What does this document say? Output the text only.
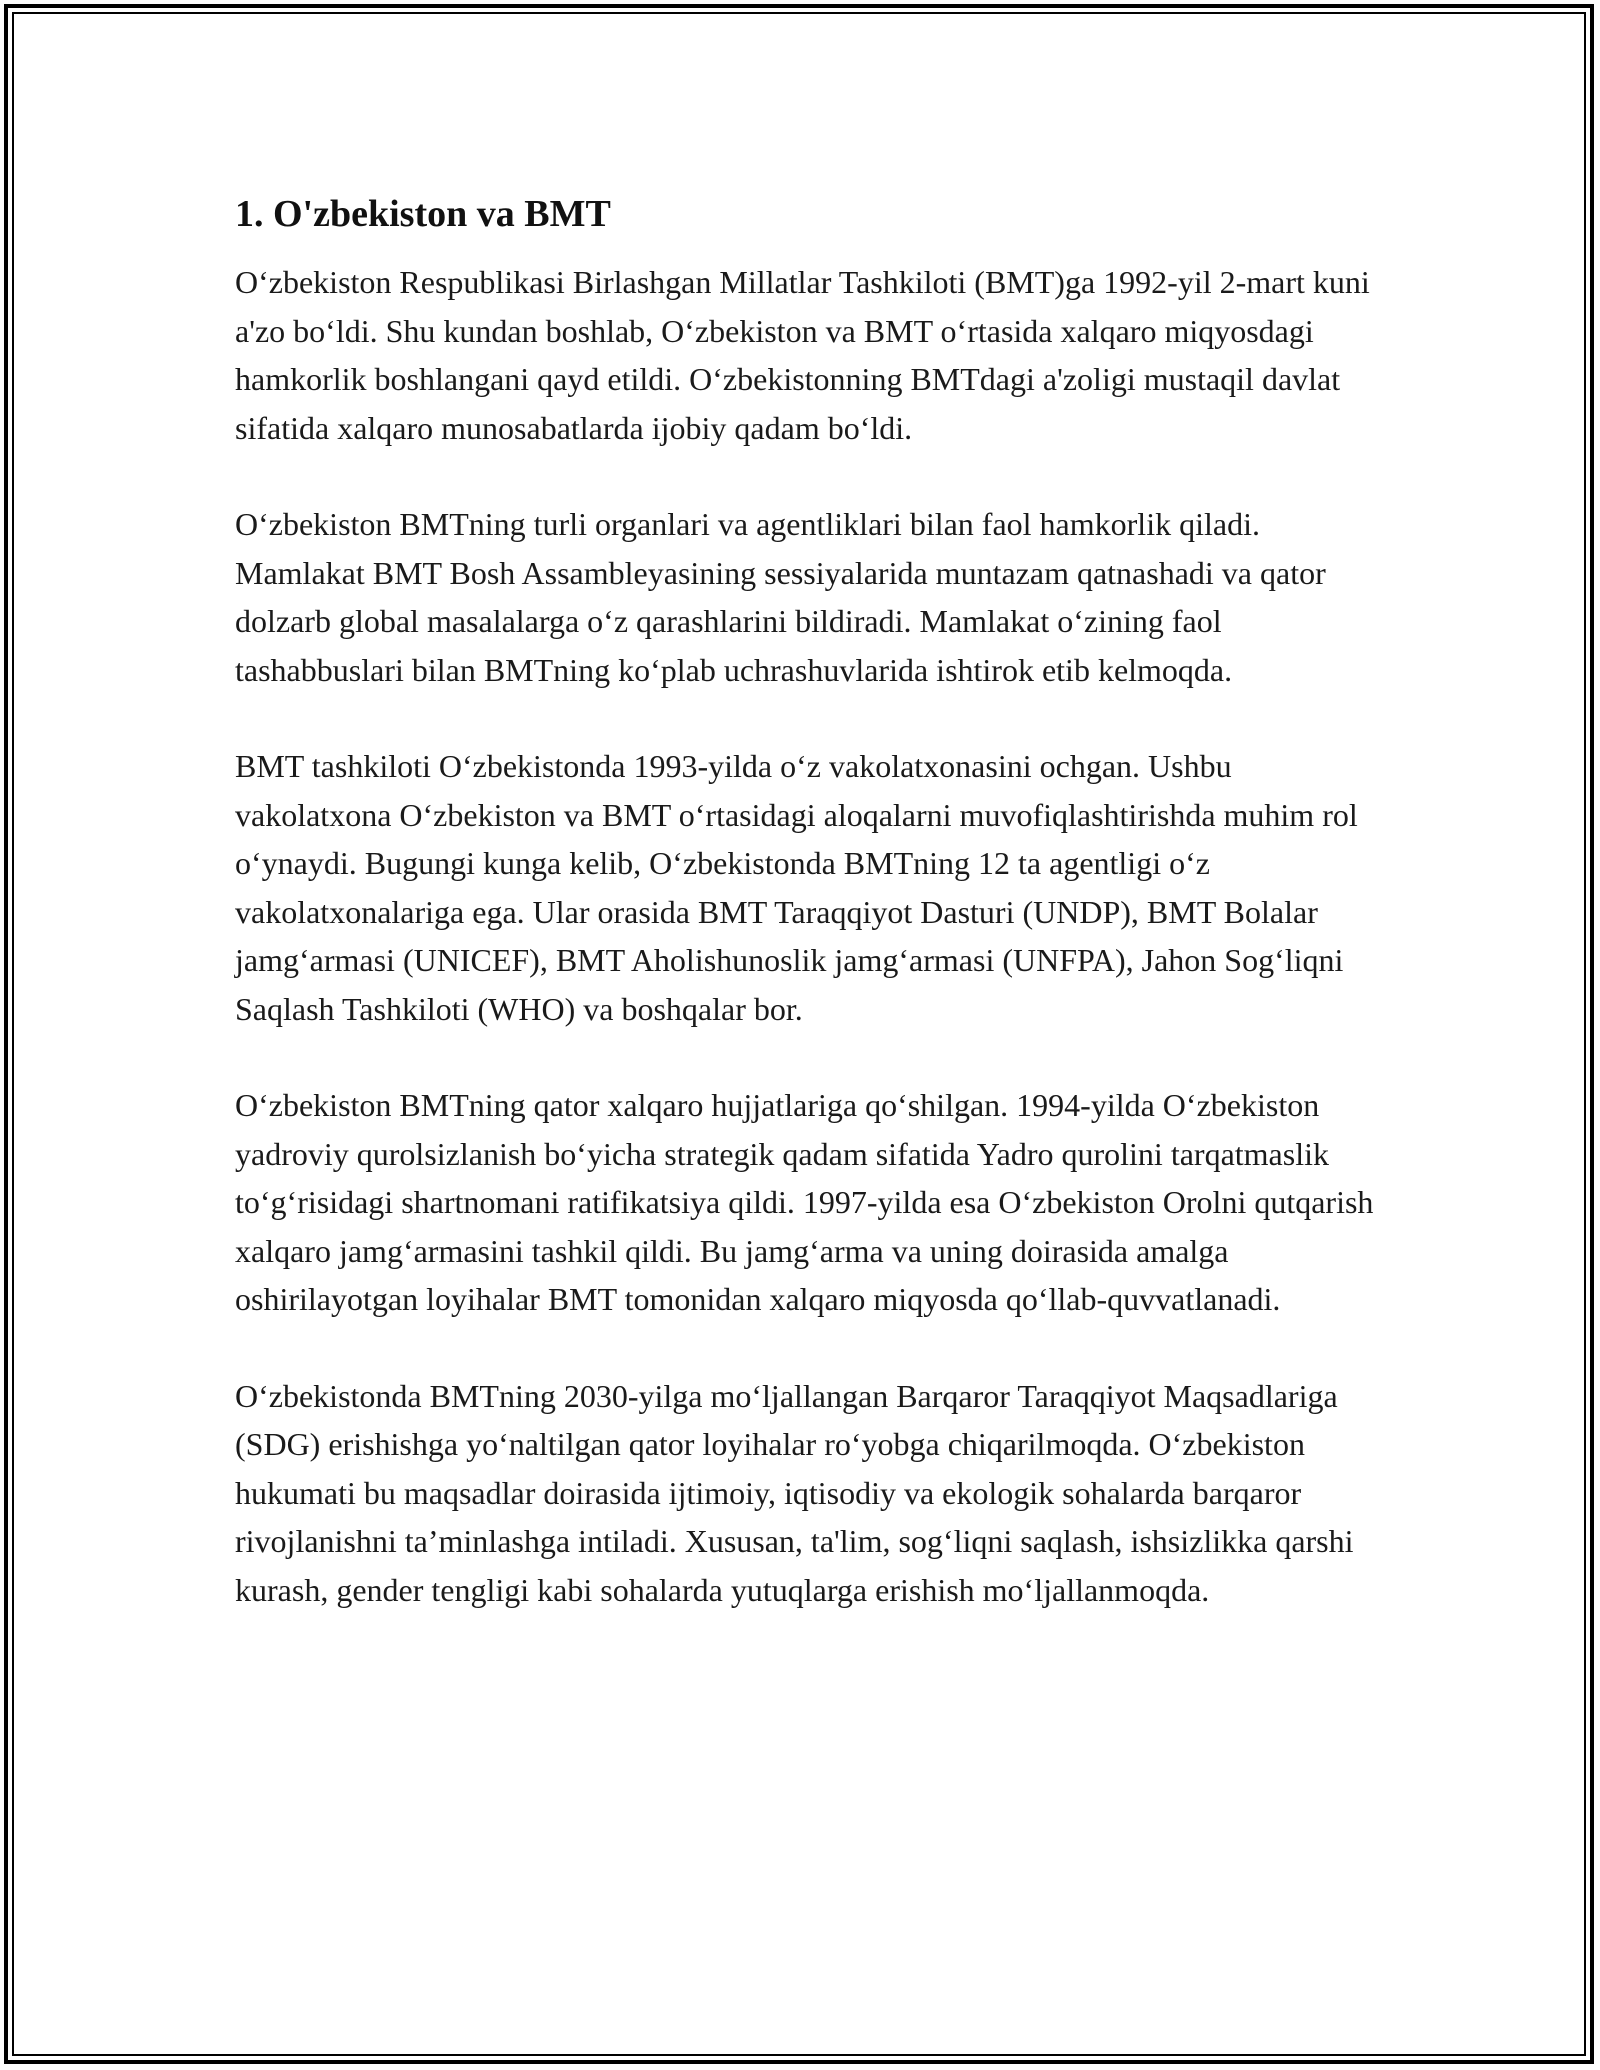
1. O'zbekiston va BMT

O‘zbekiston Respublikasi Birlashgan Millatlar Tashkiloti (BMT)ga 1992-yil 2-mart kuni a'zo bo‘ldi. Shu kundan boshlab, O‘zbekiston va BMT o‘rtasida xalqaro miqyosdagi hamkorlik boshlangani qayd etildi. O‘zbekistonning BMTdagi a'zoligi mustaqil davlat sifatida xalqaro munosabatlarda ijobiy qadam bo‘ldi.

O‘zbekiston BMTning turli organlari va agentliklari bilan faol hamkorlik qiladi. Mamlakat BMT Bosh Assambleyasining sessiyalarida muntazam qatnashadi va qator dolzarb global masalalarga o‘z qarashlarini bildiradi. Mamlakat o‘zining faol tashabbuslari bilan BMTning ko‘plab uchrashuvlarida ishtirok etib kelmoqda.

BMT tashkiloti O‘zbekistonda 1993-yilda o‘z vakolatxonasini ochgan. Ushbu vakolatxona O‘zbekiston va BMT o‘rtasidagi aloqalarni muvofiqlashtirishda muhim rol o‘ynaydi. Bugungi kunga kelib, O‘zbekistonda BMTning 12 ta agentligi o‘z vakolatxonalariga ega. Ular orasida BMT Taraqqiyot Dasturi (UNDP), BMT Bolalar jamg‘armasi (UNICEF), BMT Aholishunoslik jamg‘armasi (UNFPA), Jahon Sog‘liqni Saqlash Tashkiloti (WHO) va boshqalar bor.

O‘zbekiston BMTning qator xalqaro hujjatlariga qo‘shilgan. 1994-yilda O‘zbekiston yadroviy qurolsizlanish bo‘yicha strategik qadam sifatida Yadro qurolini tarqatmaslik to‘g‘risidagi shartnomani ratifikatsiya qildi. 1997-yilda esa O‘zbekiston Orolni qutqarish xalqaro jamg‘armasini tashkil qildi. Bu jamg‘arma va uning doirasida amalga oshirilayotgan loyihalar BMT tomonidan xalqaro miqyosda qo‘llab-quvvatlanadi.

O‘zbekistonda BMTning 2030-yilga mo‘ljallangan Barqaror Taraqqiyot Maqsadlariga (SDG) erishishga yo‘naltilgan qator loyihalar ro‘yobga chiqarilmoqda. O‘zbekiston hukumati bu maqsadlar doirasida ijtimoiy, iqtisodiy va ekologik sohalarda barqaror rivojlanishni ta’minlashga intiladi. Xususan, ta'lim, sog‘liqni saqlash, ishsizlikka qarshi kurash, gender tengligi kabi sohalarda yutuqlarga erishish mo‘ljallanmoqda.
